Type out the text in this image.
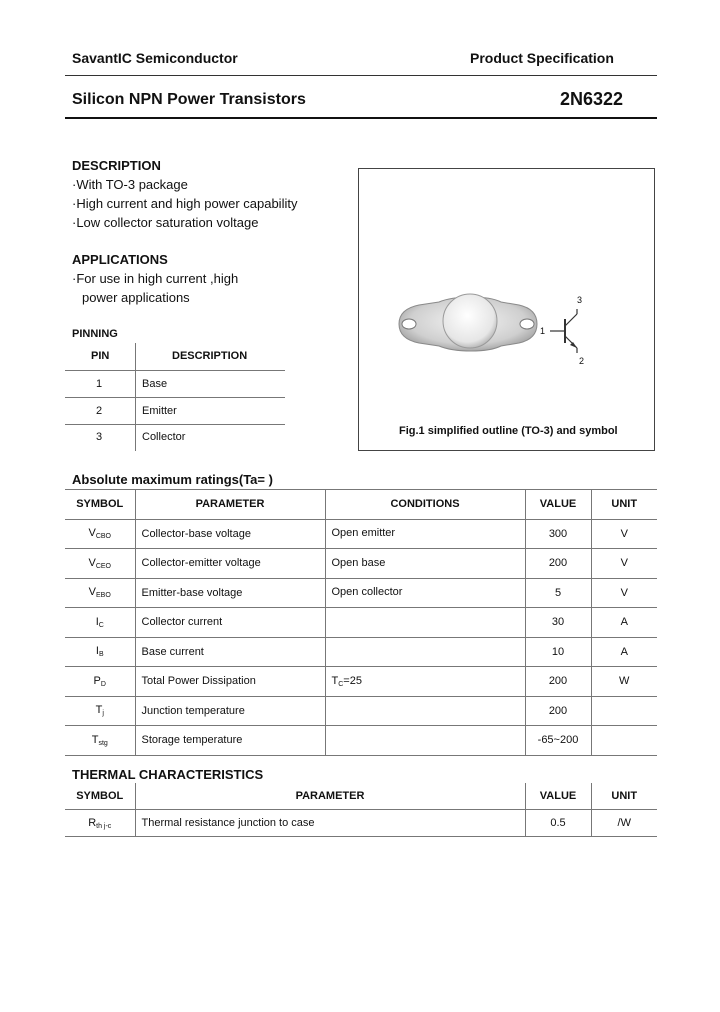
SavantIC Semiconductor	Product Specification
Silicon NPN Power Transistors	2N6322
DESCRIPTION
·With TO-3 package
·High current and high power capability
·Low collector saturation voltage
APPLICATIONS
·For use in high current ,high
power applications
PINNING
PIN	DESCRIPTION
1	Base
2	Emitter
3	Collector
1
2
3
Fig.1 simplified outline (TO-3) and symbol
Absolute maximum ratings(Ta= )
SYMBOL	PARAMETER	CONDITIONS	VALUE	UNIT
$V_{CBO}$	Collector-base voltage	Open emitter	300	V
$V_{CEO}$	Collector-emitter voltage	Open base	200	V
$V_{EBO}$	Emitter-base voltage	Open collector	5	V
$I_C$	Collector current		30	A
$I_B$	Base current		10	A
$P_D$	Total Power Dissipation	$T_C=25$	200	W
$T_j$	Junction temperature		200	
$T_{stg}$	Storage temperature		-65~200	
THERMAL CHARACTERISTICS
SYMBOL	PARAMETER	VALUE	UNIT
$R_{th j-c}$	Thermal resistance junction to case	0.5	/W
